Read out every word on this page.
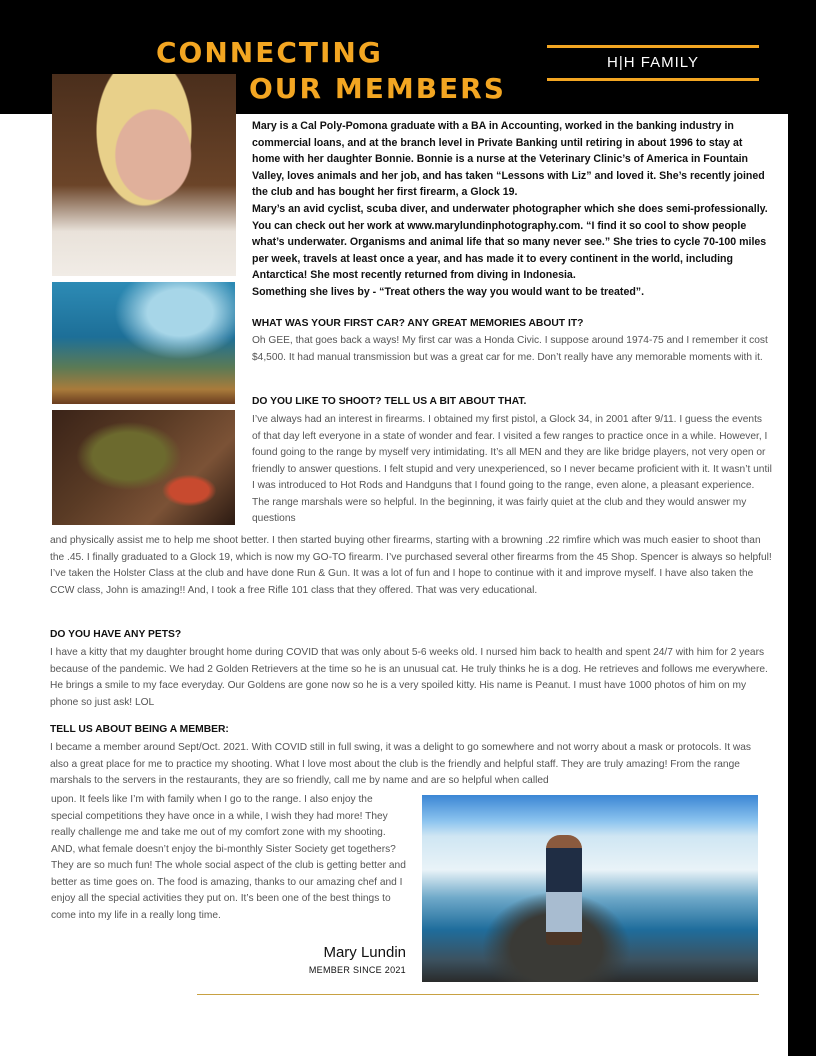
CONNECTING
OUR MEMBERS
H|H FAMILY

Mary is a Cal Poly-Pomona graduate with a BA in Accounting, worked in the banking industry in commercial loans, and at the branch level in Private Banking until retiring in about 1996 to stay at home with her daughter Bonnie. Bonnie is a nurse at the Veterinary Clinic’s of America in Fountain Valley, loves animals and her job, and has taken “Lessons with Liz” and loved it. She’s recently joined the club and has bought her first firearm, a Glock 19.

Mary’s an avid cyclist, scuba diver, and underwater photographer which she does semi-professionally. You can check out her work at www.marylundinphotography.com. “I find it so cool to show people what’s underwater. Organisms and animal life that so many never see.” She tries to cycle 70-100 miles per week, travels at least once a year, and has made it to every continent in the world, including Antarctica! She most recently returned from diving in Indonesia.

Something she lives by - “Treat others the way you would want to be treated”.

WHAT WAS YOUR FIRST CAR? ANY GREAT MEMORIES ABOUT IT?
Oh GEE, that goes back a ways! My first car was a Honda Civic. I suppose around 1974-75 and I remember it cost $4,500. It had manual transmission but was a great car for me. Don’t really have any memorable moments with it.
DO YOU LIKE TO SHOOT? TELL US A BIT ABOUT THAT.
I’ve always had an interest in firearms. I obtained my first pistol, a Glock 34, in 2001 after 9/11. I guess the events of that day left everyone in a state of wonder and fear. I visited a few ranges to practice once in a while. However, I found going to the range by myself very intimidating. It’s all MEN and they are like bridge players, not very open or friendly to answer questions. I felt stupid and very unexperienced, so I never became proficient with it. It wasn’t until I was introduced to Hot Rods and Handguns that I found going to the range, even alone, a pleasant experience. The range marshals were so helpful. In the beginning, it was fairly quiet at the club and they would answer my questions
and physically assist me to help me shoot better. I then started buying other firearms, starting with a browning .22 rimfire which was much easier to shoot than the .45. I finally graduated to a Glock 19, which is now my GO-TO firearm. I’ve purchased several other firearms from the 45 Shop. Spencer is always so helpful! I’ve taken the Holster Class at the club and have done Run & Gun. It was a lot of fun and I hope to continue with it and improve myself. I have also taken the CCW class, John is amazing!! And, I took a free Rifle 101 class that they offered. That was very educational.
DO YOU HAVE ANY PETS?
I have a kitty that my daughter brought home during COVID that was only about 5-6 weeks old. I nursed him back to health and spent 24/7 with him for 2 years because of the pandemic. We had 2 Golden Retrievers at the time so he is an unusual cat. He truly thinks he is a dog. He retrieves and follows me everywhere. He brings a smile to my face everyday. Our Goldens are gone now so he is a very spoiled kitty. His name is Peanut. I must have 1000 photos of him on my phone so just ask! LOL
TELL US ABOUT BEING A MEMBER:
I became a member around Sept/Oct. 2021. With COVID still in full swing, it was a delight to go somewhere and not worry about a mask or protocols. It was also a great place for me to practice my shooting. What I love most about the club is the friendly and helpful staff. They are truly amazing! From the range marshals to the servers in the restaurants, they are so friendly, call me by name and are so helpful when called
upon. It feels like I’m with family when I go to the range. I also enjoy the special competitions they have once in a while, I wish they had more! They really challenge me and take me out of my comfort zone with my shooting. AND, what female doesn’t enjoy the bi-monthly Sister Society get togethers? They are so much fun! The whole social aspect of the club is getting better and better as time goes on. The food is amazing, thanks to our amazing chef and I enjoy all the special activities they put on. It’s been one of the best things to come into my life in a really long time.
Mary Lundin
MEMBER SINCE 2021
